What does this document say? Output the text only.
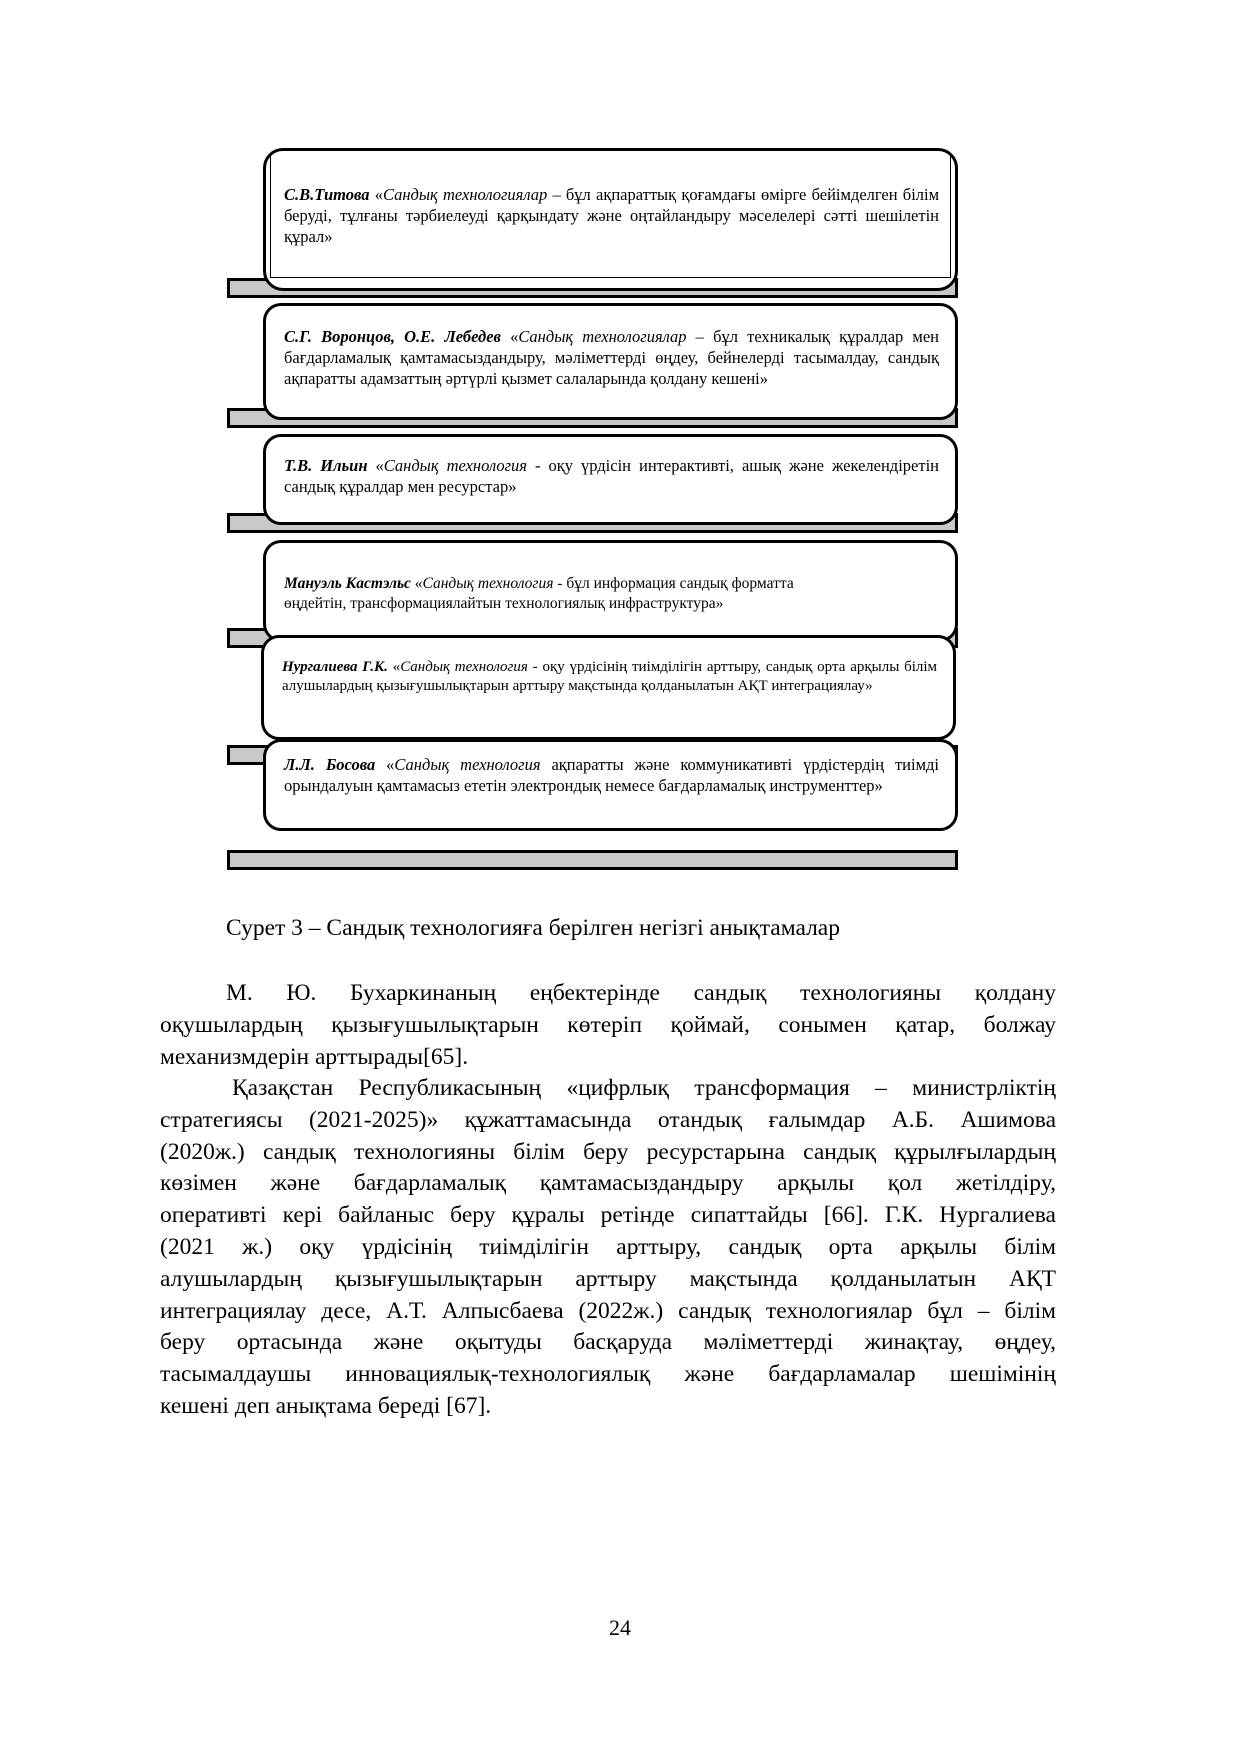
С.В.Титова «Сандық технологиялар – бұл ақпараттық қоғамдағы өмірге бейімделген білім беруді, тұлғаны тәрбиелеуді қарқындату және оңтайландыру мәселелері сәтті шешілетін құрал»
С.Г. Воронцов, О.Е. Лебедев «Сандық технологиялар – бұл техникалық құралдар мен бағдарламалық қамтамасыздандыру, мәліметтерді өңдеу, бейнелерді тасымалдау, сандық ақпаратты адамзаттың әртүрлі қызмет салаларында қолдану кешені»
Т.В. Ильин «Сандық технология - оқу үрдісін интерактивті, ашық және жекелендіретін сандық құралдар мен ресурстар»
Мануэль Кастэльс «Сандық технология - бұл информация сандық форматта
өңдейтін, трансформациялайтын технологиялық инфраструктура»
Нургалиева Г.К. «Сандық технология - оқу үрдісінің тиімділігін арттыру, сандық орта арқылы білім алушылардың қызығушылықтарын арттыру мақстында қолданылатын АҚТ интеграциялау»
Л.Л. Босова «Сандық технология ақпаратты және коммуникативті үрдістердің тиімді орындалуын қамтамасыз ететін электрондық немесе бағдарламалық инструменттер»
Сурет 3 – Сандық технологияға берілген негізгі анықтамалар
М. Ю. Бухаркинаның еңбектерінде сандық технологияны қолдану
оқушылардың қызығушылықтарын көтеріп қоймай, сонымен қатар, болжау
механизмдерін арттырады[65].
Қазақстан Республикасының «цифрлық трансформация – министрліктің
стратегиясы (2021-2025)» құжаттамасында отандық ғалымдар А.Б. Ашимова
(2020ж.) сандық технологияны білім беру ресурстарына сандық құрылғылардың
көзімен және бағдарламалық қамтамасыздандыру арқылы қол жетілдіру,
оперативті кері байланыс беру құралы ретінде сипаттайды [66]. Г.К. Нургалиева
(2021 ж.) оқу үрдісінің тиімділігін арттыру, сандық орта арқылы білім
алушылардың қызығушылықтарын арттыру мақстында қолданылатын АҚТ
интеграциялау десе, А.Т. Алпысбаева (2022ж.) сандық технологиялар бұл – білім
беру ортасында және оқытуды басқаруда мәліметтерді жинақтау, өңдеу,
тасымалдаушы инновациялық-технологиялық және бағдарламалар шешімінің
кешені деп анықтама береді [67].
24
